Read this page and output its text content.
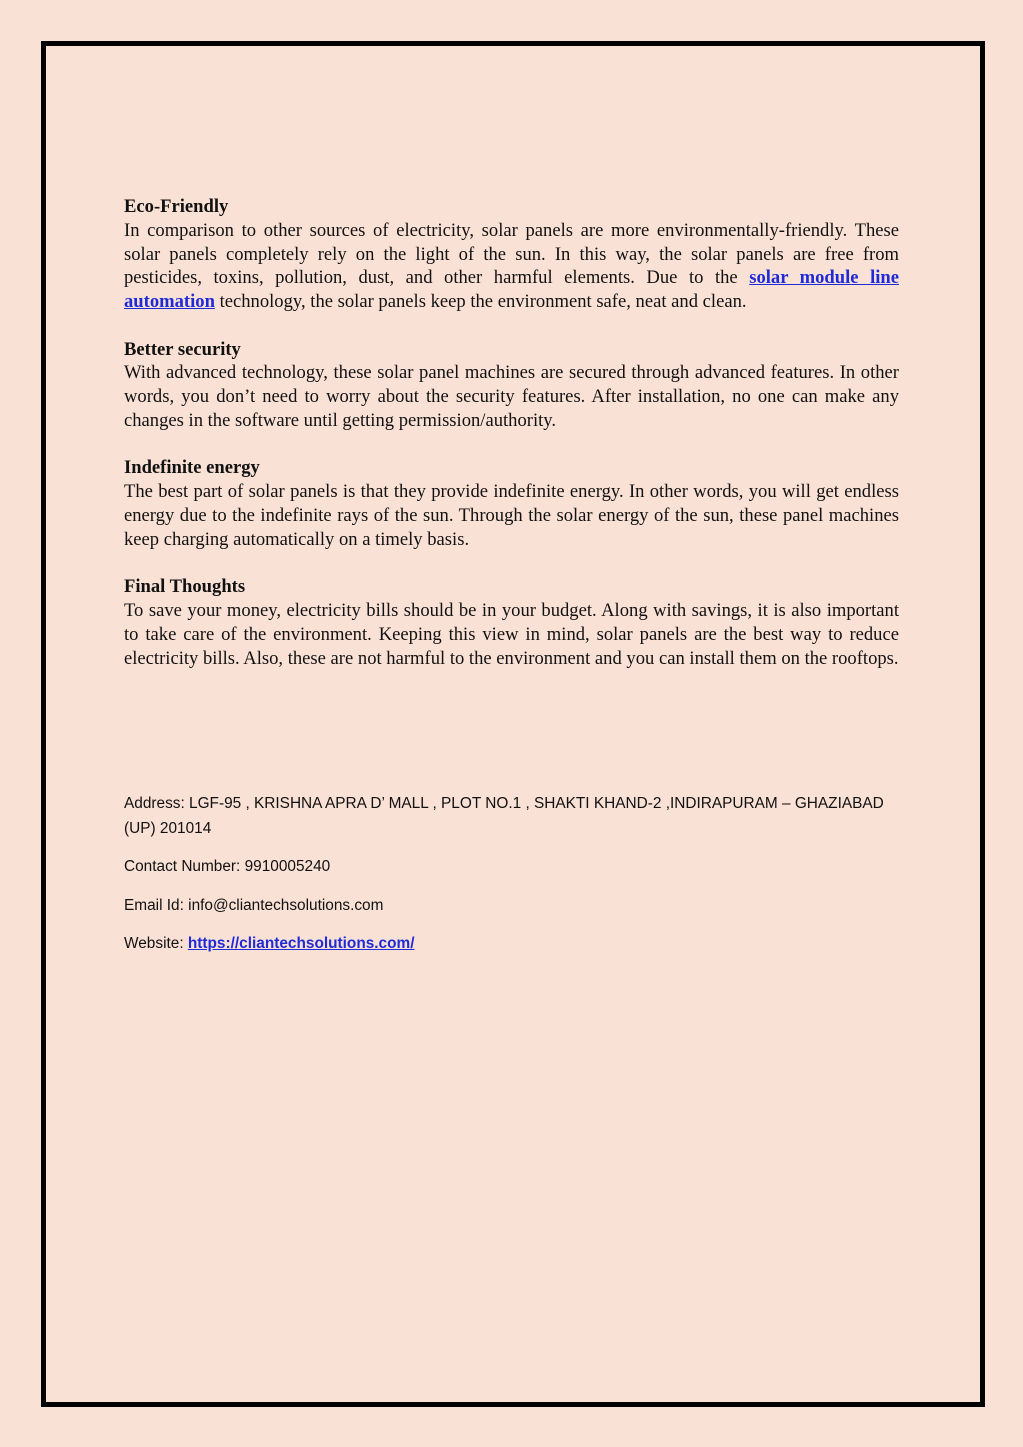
Eco-Friendly

In comparison to other sources of electricity, solar panels are more environmentally-friendly. These solar panels completely rely on the light of the sun. In this way, the solar panels are free from pesticides, toxins, pollution, dust, and other harmful elements. Due to the solar module line automation technology, the solar panels keep the environment safe, neat and clean.

Better security

With advanced technology, these solar panel machines are secured through advanced features. In other words, you don’t need to worry about the security features. After installation, no one can make any changes in the software until getting permission/authority.

Indefinite energy

The best part of solar panels is that they provide indefinite energy. In other words, you will get endless energy due to the indefinite rays of the sun. Through the solar energy of the sun, these panel machines keep charging automatically on a timely basis.

Final Thoughts

To save your money, electricity bills should be in your budget. Along with savings, it is also important to take care of the environment. Keeping this view in mind, solar panels are the best way to reduce electricity bills. Also, these are not harmful to the environment and you can install them on the rooftops.

Address: LGF-95 , KRISHNA APRA D’ MALL , PLOT NO.1 , SHAKTI KHAND-2 ,INDIRAPURAM – GHAZIABAD (UP) 201014
Contact Number: 9910005240
Email Id: info@cliantechsolutions.com
Website: https://cliantechsolutions.com/
